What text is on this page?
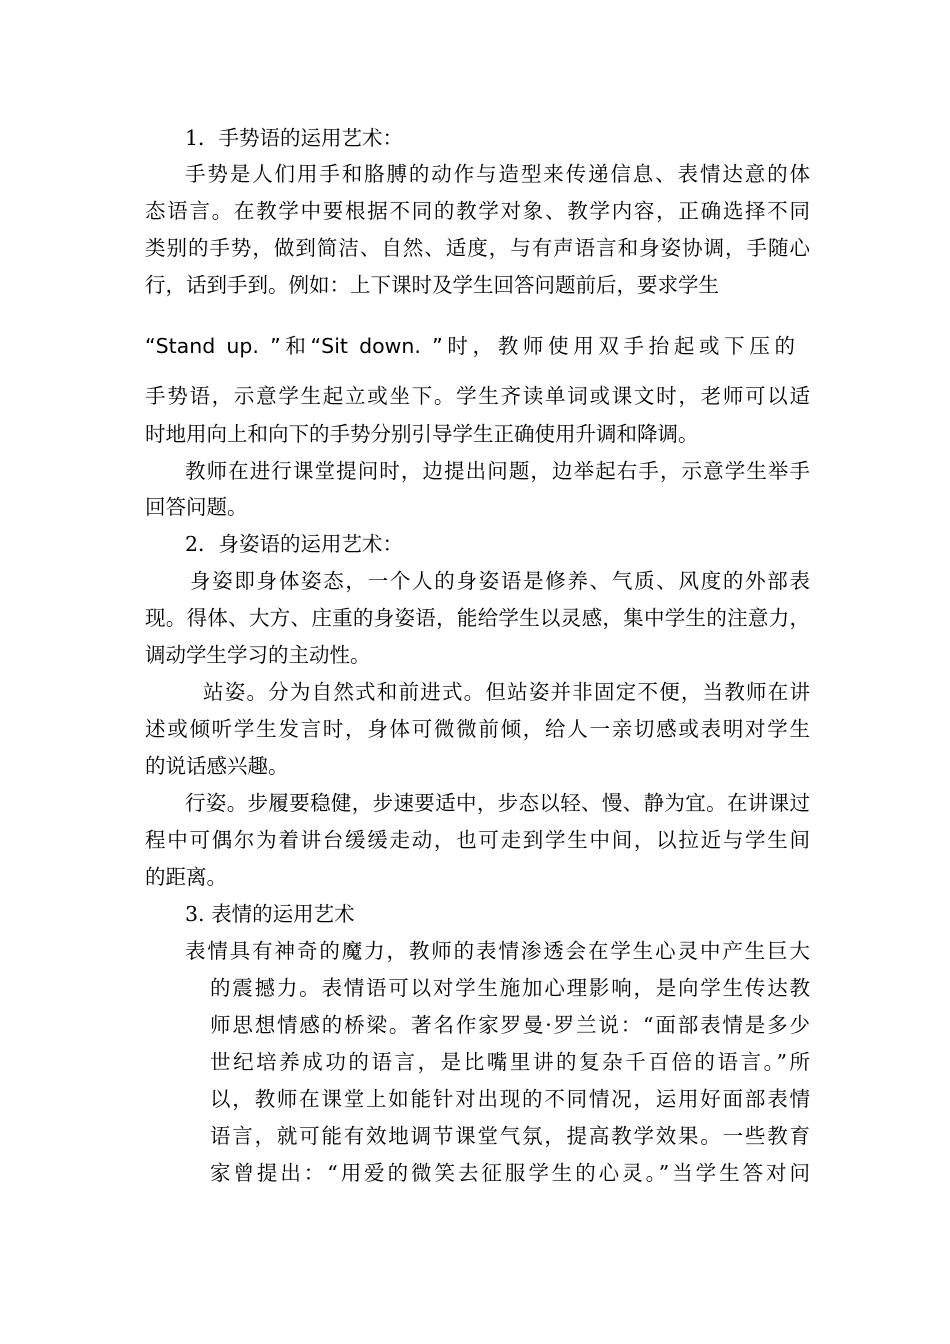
1．手势语的运用艺术：
手势是人们用手和胳膊的动作与造型来传递信息、表情达意的体
态语言。在教学中要根据不同的教学对象、教学内容，正确选择不同
类别的手势，做到简洁、自然、适度，与有声语言和身姿协调，手随心
行，话到手到。例如：上下课时及学生回答问题前后，要求学生
“Stand up. ”和“Sit down. ”时，教师使用双手抬起或下压的
手势语，示意学生起立或坐下。学生齐读单词或课文时，老师可以适
时地用向上和向下的手势分别引导学生正确使用升调和降调。
教师在进行课堂提问时，边提出问题，边举起右手，示意学生举手
回答问题。
2．身姿语的运用艺术：
身姿即身体姿态，一个人的身姿语是修养、气质、风度的外部表
现。得体、大方、庄重的身姿语，能给学生以灵感，集中学生的注意力，
调动学生学习的主动性。
站姿。分为自然式和前进式。但站姿并非固定不便，当教师在讲
述或倾听学生发言时，身体可微微前倾，给人一亲切感或表明对学生
的说话感兴趣。
行姿。步履要稳健，步速要适中，步态以轻、慢、静为宜。在讲课过
程中可偶尔为着讲台缓缓走动，也可走到学生中间，以拉近与学生间
的距离。
3. 表情的运用艺术
表情具有神奇的魔力，教师的表情渗透会在学生心灵中产生巨大
的震撼力。表情语可以对学生施加心理影响，是向学生传达教
师思想情感的桥梁。著名作家罗曼·罗兰说：“面部表情是多少
世纪培养成功的语言，是比嘴里讲的复杂千百倍的语言。”所
以，教师在课堂上如能针对出现的不同情况，运用好面部表情
语言，就可能有效地调节课堂气氛，提高教学效果。一些教育
家曾提出：“用爱的微笑去征服学生的心灵。”当学生答对问
